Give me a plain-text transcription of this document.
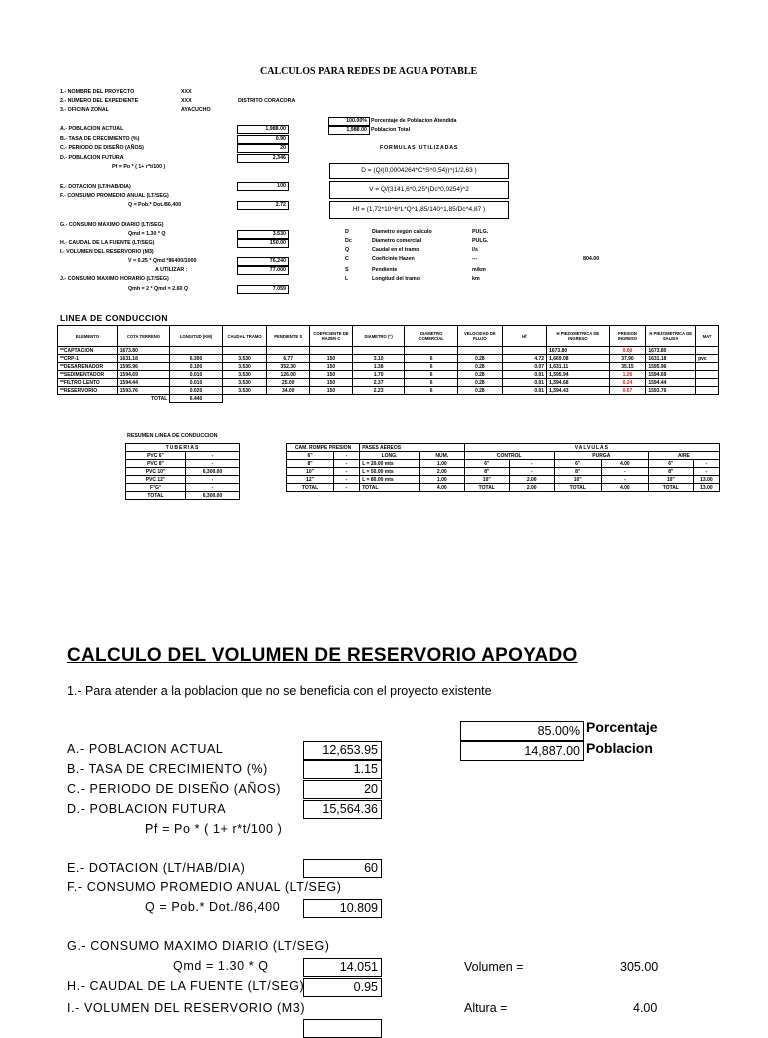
CALCULOS PARA REDES DE AGUA POTABLE
1.- NOMBRE DEL PROYECTO	XXX
2.- NUMERO DEL EXPEDIENTE	XXX	DISTRITO CORACORA
3.- OFICINA ZONAL	AYACUCHO
A.- POBLACION ACTUAL	1,988.00
B.- TASA DE CRECIMIENTO (%)	0.90
C.- PERIODO DE DISEÑO (AÑOS)	20
D.- POBLACION FUTURA	2,346
Pf = Po * ( 1+ r*t/100 )
E.- DOTACION (LT/HAB/DIA)	100
F.- CONSUMO PROMEDIO ANUAL (LT/SEG)
Q = Pob.* Dot./86,400	2.72
G.- CONSUMO MAXIMO DIARIO (LT/SEG)
Qmd = 1.30 * Q	3.530
H.- CAUDAL DE LA FUENTE (LT/SEG)	150.00
I.- VOLUMEN DEL RESERVORIO (M3)
V = 0.25 * Qmd *86400/1000	76.240
A UTILIZAR :	77.000
J.- CONSUMO MAXIMO HORARIO (LT/SEG)
Qmh = 2 * Qmd = 2.60 Q	7.059
100.00% Porcentaje de Poblacion Atendida
1,988.00 Poblacion Total
FORMULAS UTILIZADAS
D = (Q/(0,0004264*C*S^0,54))^(1/2,63 )
V = Q/(3141,6*0,25*(Dc*0,0254)^2
Hf = (1,72*10^6*L*Q^1,85/140^1,85/Dc^4,87 )
D	Diametro según calculo	PULG.
Dc	Diametro comercial	PULG.
Q	Caudal en el tramo	l/s
C	Coeficinte Hazen	---	804.00
S	Pendiente	m/km
L	Longitud del tramo	km
LINEA DE CONDUCCION
ELEMENTO	COTA TERRENO	LONGITUD (KM)	CAUDAL TRAMO	PENDIENTE S	COEFICIENTE DE HAZEN C	DIAMETRO (")	DIAMETRO COMERCIAL	VELOCIDAD DE FLUJO	Hf	H PIEZOMETRICA DE INGRESO	PRESION INGRESO	H PIEZOMETRICA DE SALIDA	MAT
**CAPTACION	1673.80									1673.80	0.00	1673.80	
**CRP-1	1631.18	6.300	3.530	6.77	150	3.10	6	0.28	4.72	1,669.08	37.90	1631.18	pvc
**DESARENADOR	1595.96	0.100	3.530	352.30	150	1.38	6	0.28	0.07	1,631.11	35.15	1595.96	
**SEDIMENTADOR	1594.69	0.010	3.530	126.00	150	1.70	6	0.28	0.01	1,595.94	1.26	1594.69	
**FILTRO LENTO	1594.44	0.010	3.530	25.00	150	2.37	6	0.28	0.01	1,594.68	0.24	1594.44	
**RESERVORIO	1593.76	0.020	3.530	34.00	150	2.23	6	0.28	0.01	1,594.43	0.67	1593.76	
TOTAL		6.440											
RESUMEN LINEA DE CONDUCCION
TUBERIAS	
PVC 6"	-
PVC 8"	-
PVC 10"	6,300.00
PVC 12"	-
F°G°	-
TOTAL	6,300.00
CAM. ROMPE PRESION		PASES AEREOS		VALVULAS					
6"	-	LONG.	NUM.	CONTROL		PURGA		AIRE	
8"	-	L = 20.00 mts	1.00	6"	-	6"	4.00	6"	-
10"	-	L = 50.00 mts	2.00	8"	-	8"	-	8"	-
12"	-	L = 80.00 mts	1.00	10"	2.00	10"	-	10"	13.00
TOTAL	-	TOTAL	4.00	TOTAL	2.00	TOTAL	4.00	TOTAL	13.00
CALCULO DEL VOLUMEN DE RESERVORIO APOYADO
1.- Para atender a la poblacion que no se beneficia con el proyecto existente
85.00% Porcentaje
14,887.00 Poblacion
A.- POBLACION ACTUAL	12,653.95
B.- TASA DE CRECIMIENTO (%)	1.15
C.- PERIODO DE DISEÑO (AÑOS)	20
D.- POBLACION FUTURA	15,564.36
Pf = Po * ( 1+ r*t/100 )
E.- DOTACION (LT/HAB/DIA)	60
F.- CONSUMO PROMEDIO ANUAL (LT/SEG)
Q = Pob.* Dot./86,400	10.809
G.- CONSUMO MAXIMO DIARIO (LT/SEG)
Qmd = 1.30 * Q	14.051
H.- CAUDAL DE LA FUENTE (LT/SEG)	0.95
I.- VOLUMEN DEL RESERVORIO (M3)
Volumen =	305.00
Altura =	4.00
